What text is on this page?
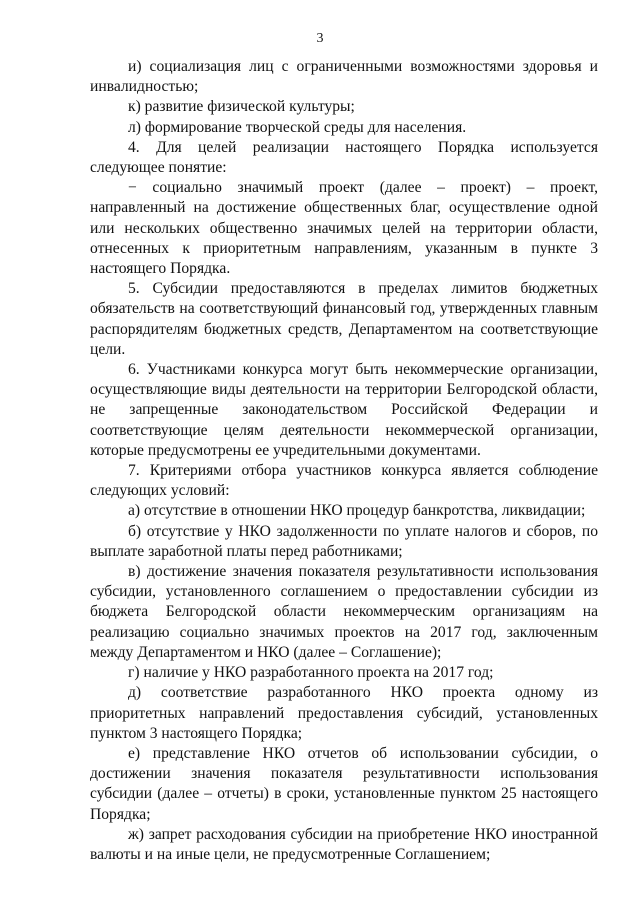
3

и) социализация лиц с ограниченными возможностями здоровья и инвалидностью;

к) развитие физической культуры;

л) формирование творческой среды для населения.

4. Для целей реализации настоящего Порядка используется следующее понятие:

− социально значимый проект (далее – проект) – проект, направленный на достижение общественных благ, осуществление одной или нескольких общественно значимых целей на территории области, отнесенных к приоритетным направлениям, указанным в пункте 3 настоящего Порядка.

5. Субсидии предоставляются в пределах лимитов бюджетных обязательств на соответствующий финансовый год, утвержденных главным распорядителям бюджетных средств, Департаментом на соответствующие цели.

6. Участниками конкурса могут быть некоммерческие организации, осуществляющие виды деятельности на территории Белгородской области, не запрещенные законодательством Российской Федерации и соответствующие целям деятельности некоммерческой организации, которые предусмотрены ее учредительными документами.

7. Критериями отбора участников конкурса является соблюдение следующих условий:

а) отсутствие в отношении НКО процедур банкротства, ликвидации;

б) отсутствие у НКО задолженности по уплате налогов и сборов, по выплате заработной платы перед работниками;

в) достижение значения показателя результативности использования субсидии, установленного соглашением о предоставлении субсидии из бюджета Белгородской области некоммерческим организациям на реализацию социально значимых проектов на 2017 год, заключенным между Департаментом и НКО (далее – Соглашение);

г) наличие у НКО разработанного проекта на 2017 год;

д) соответствие разработанного НКО проекта одному из приоритетных направлений предоставления субсидий, установленных пунктом 3 настоящего Порядка;

е) представление НКО отчетов об использовании субсидии, о достижении значения показателя результативности использования субсидии (далее – отчеты) в сроки, установленные пунктом 25 настоящего Порядка;

ж) запрет расходования субсидии на приобретение НКО иностранной валюты и на иные цели, не предусмотренные Соглашением;
